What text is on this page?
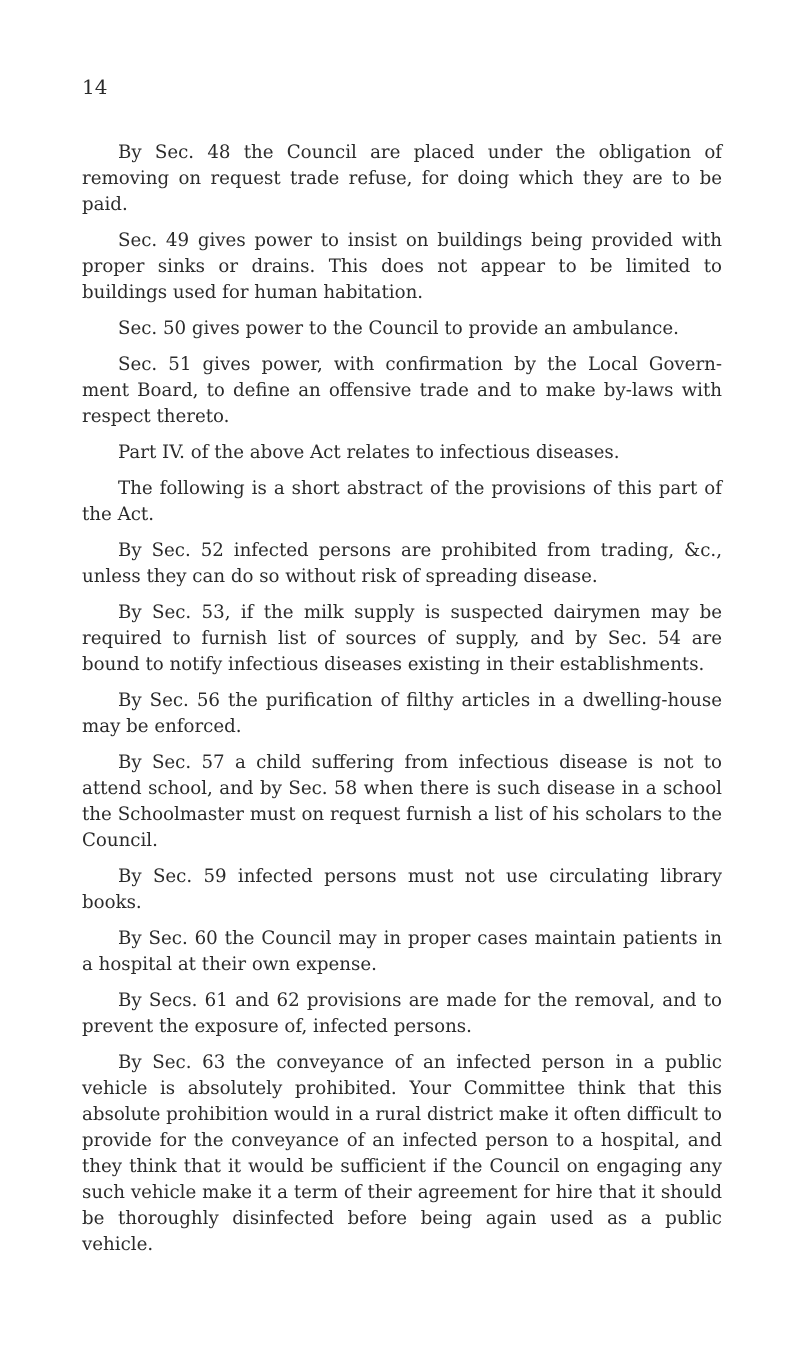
14

By Sec. 48 the Council are placed under the obligation of removing on request trade refuse, for doing which they are to be paid.

Sec. 49 gives power to insist on buildings being provided with proper sinks or drains. This does not appear to be limited to buildings used for human habitation.

Sec. 50 gives power to the Council to provide an ambulance.

Sec. 51 gives power, with confirmation by the Local Govern- ment Board, to define an offensive trade and to make by-laws with respect thereto.

Part IV. of the above Act relates to infectious diseases.

The following is a short abstract of the provisions of this part of the Act.

By Sec. 52 infected persons are prohibited from trading, &c., unless they can do so without risk of spreading disease.

By Sec. 53, if the milk supply is suspected dairymen may be required to furnish list of sources of supply, and by Sec. 54 are bound to notify infectious diseases existing in their establishments.

By Sec. 56 the purification of filthy articles in a dwelling-house may be enforced.

By Sec. 57 a child suffering from infectious disease is not to attend school, and by Sec. 58 when there is such disease in a school the Schoolmaster must on request furnish a list of his scholars to the Council.

By Sec. 59 infected persons must not use circulating library books.

By Sec. 60 the Council may in proper cases maintain patients in a hospital at their own expense.

By Secs. 61 and 62 provisions are made for the removal, and to prevent the exposure of, infected persons.

By Sec. 63 the conveyance of an infected person in a public vehicle is absolutely prohibited. Your Committee think that this absolute prohibition would in a rural district make it often difficult to provide for the conveyance of an infected person to a hospital, and they think that it would be sufficient if the Council on engaging any such vehicle make it a term of their agreement for hire that it should be thoroughly disinfected before being again used as a public vehicle.
